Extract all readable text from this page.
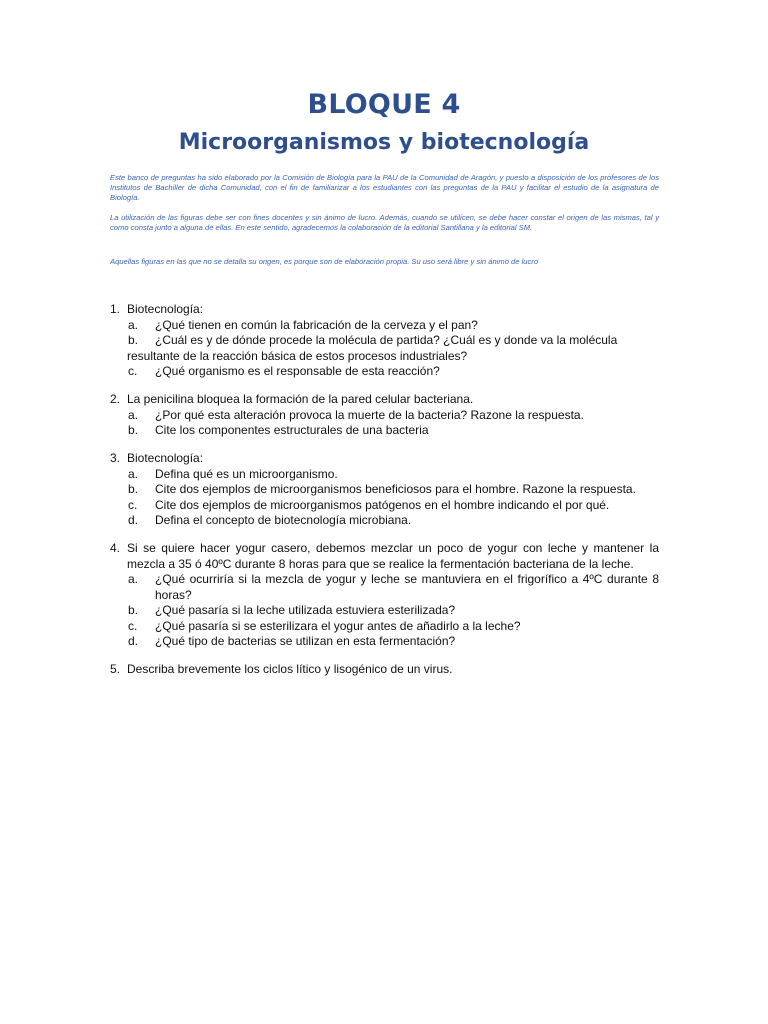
BLOQUE 4
Microorganismos y biotecnología
Este banco de preguntas ha sido elaborado por la Comisión de Biología para la PAU de la Comunidad de Aragón, y puesto a disposición de los profesores de los Institutos de Bachiller de dicha Comunidad, con el fin de familiarizar a los estudiantes con las preguntas de la PAU y facilitar el estudio de la asignatura de Biología.
La utilización de las figuras debe ser con fines docentes y sin ánimo de lucro. Además, cuando se utilicen, se debe hacer constar el origen de las mismas, tal y como consta junto a alguna de ellas. En este sentido, agradecemos la colaboración de la editorial Santillana y la editorial SM.
Aquellas figuras en las que no se detalla su origen, es porque son de elaboración propia. Su uso será libre y sin ánimo de lucro
1. Biotecnología:
a. ¿Qué tienen en común la fabricación de la cerveza y el pan?
b. ¿Cuál es y de dónde procede la molécula de partida? ¿Cuál es y donde va la molécula
resultante de la reacción básica de estos procesos industriales?
c. ¿Qué organismo es el responsable de esta reacción?
2. La penicilina bloquea la formación de la pared celular bacteriana.
a. ¿Por qué esta alteración provoca la muerte de la bacteria? Razone la respuesta.
b. Cite los componentes estructurales de una bacteria
3. Biotecnología:
a. Defina qué es un microorganismo.
b. Cite dos ejemplos de microorganismos beneficiosos para el hombre. Razone la respuesta.
c. Cite dos ejemplos de microorganismos patógenos en el hombre indicando el por qué.
d. Defina el concepto de biotecnología microbiana.
4. Si se quiere hacer yogur casero, debemos mezclar un poco de yogur con leche y mantener la mezcla a 35 ó 40ºC durante 8 horas para que se realice la fermentación bacteriana de la leche.
a. ¿Qué ocurriría si la mezcla de yogur y leche se mantuviera en el frigorífico a 4ºC durante 8 horas?
b. ¿Qué pasaría si la leche utilizada estuviera esterilizada?
c. ¿Qué pasaría si se esterilizara el yogur antes de añadirlo a la leche?
d. ¿Qué tipo de bacterias se utilizan en esta fermentación?
5. Describa brevemente los ciclos lítico y lisogénico de un virus.
